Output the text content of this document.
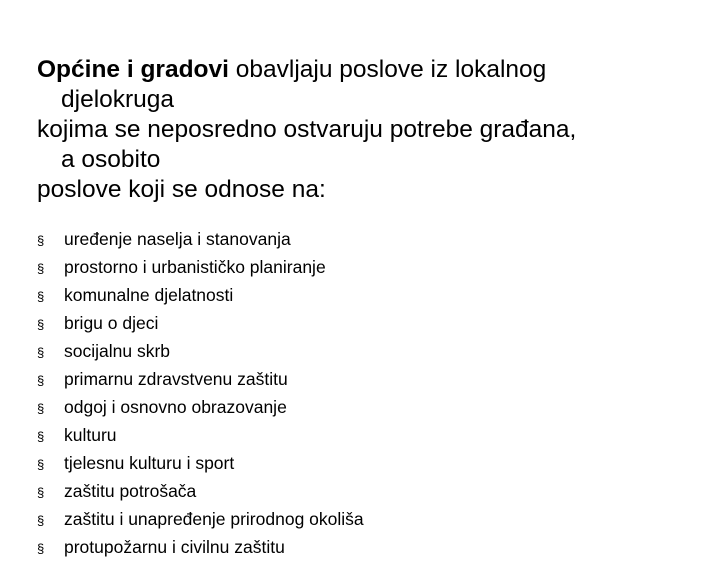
Općine i gradovi obavljaju poslove iz lokalnog
djelokruga
kojima se neposredno ostvaruju potrebe građana,
a osobito
poslove koji se odnose na:
§	uređenje naselja i stanovanja
§	prostorno i urbanističko planiranje
§	komunalne djelatnosti
§	brigu o djeci
§	socijalnu skrb
§	primarnu zdravstvenu zaštitu
§	odgoj i osnovno obrazovanje
§	kulturu
§	tjelesnu kulturu i sport
§	zaštitu potrošača
§	zaštitu i unapređenje prirodnog okoliša
§	protupožarnu i civilnu zaštitu
